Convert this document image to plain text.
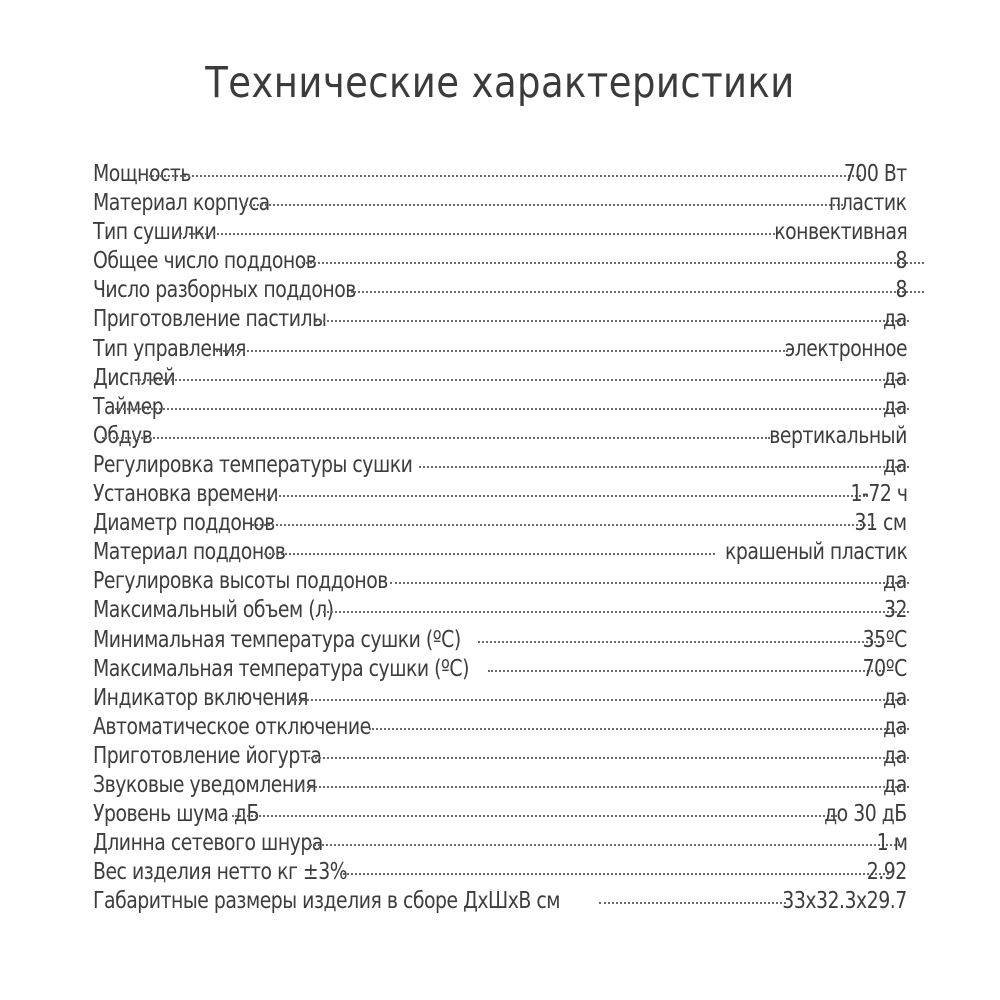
Технические характеристики
Мощность	700 Вт
Материал корпуса	пластик
Тип сушилки	конвективная
Общее число поддонов	8
Число разборных поддонов	8
Приготовление пастилы	да
Тип управления	электронное
Дисплей	да
Таймер	да
Обдув	вертикальный
Регулировка температуры сушки	да
Установка времени	1-72 ч
Диаметр поддонов	31 см
Материал поддонов	крашеный пластик
Регулировка высоты поддонов	да
Максимальный объем (л)	32
Минимальная температура сушки (ºС)	35ºС
Максимальная температура сушки (ºС)	70ºС
Индикатор включения	да
Автоматическое отключение	да
Приготовление йогурта	да
Звуковые уведомления	да
Уровень шума дБ	до 30 дБ
Длинна сетевого шнура	1 м
Вес изделия нетто кг ±3%	2.92
Габаритные размеры изделия в сборе ДхШхВ см	33х32.3х29.7
